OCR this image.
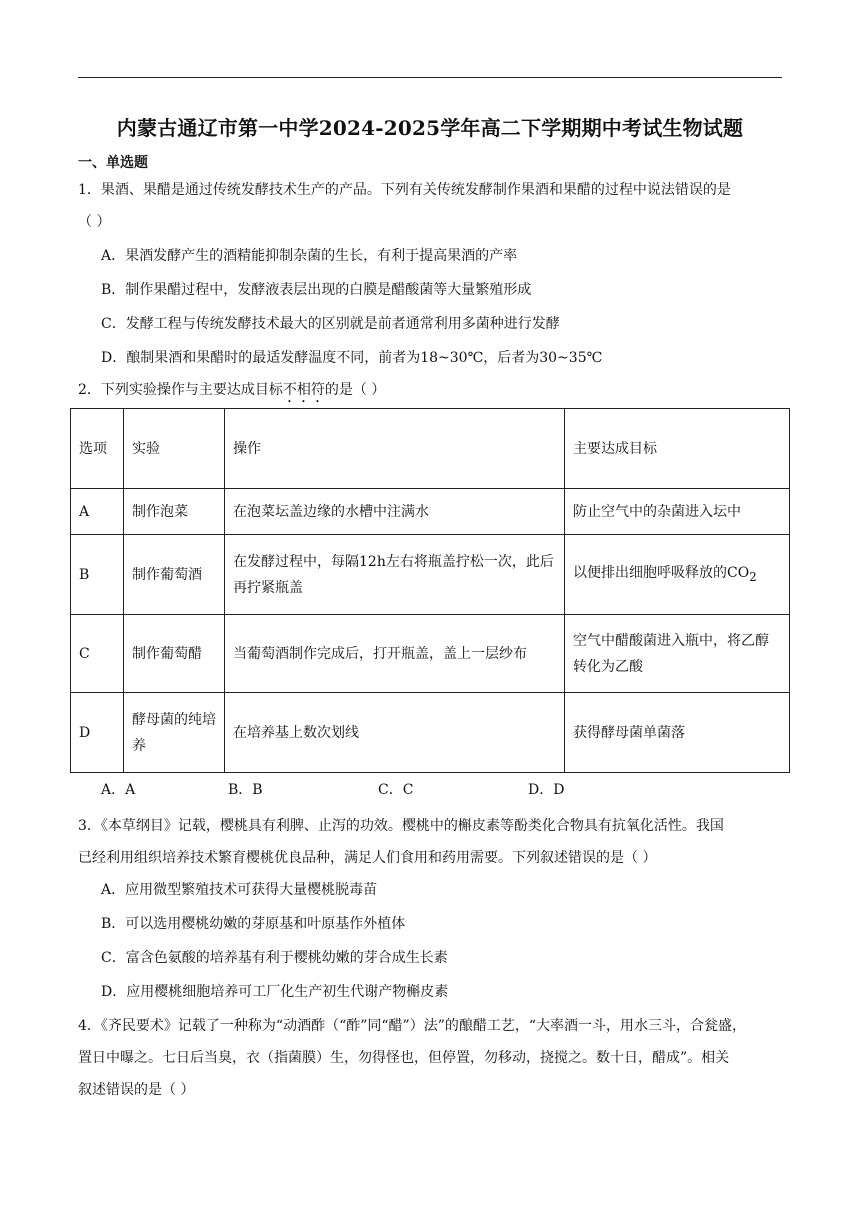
内蒙古通辽市第一中学2024-2025学年高二下学期期中考试生物试题
一、单选题
1．果酒、果醋是通过传统发酵技术生产的产品。下列有关传统发酵制作果酒和果醋的过程中说法错误的是
（ ）
A．果酒发酵产生的酒精能抑制杂菌的生长，有利于提高果酒的产率
B．制作果醋过程中，发酵液表层出现的白膜是醋酸菌等大量繁殖形成
C．发酵工程与传统发酵技术最大的区别就是前者通常利用多菌种进行发酵
D．酿制果酒和果醋时的最适发酵温度不同，前者为18~30℃，后者为30~35℃
2．下列实验操作与主要达成目标不相符的是（ ）
选项	实验	操作	主要达成目标
A	制作泡菜	在泡菜坛盖边缘的水槽中注满水	防止空气中的杂菌进入坛中
B	制作葡萄酒	在发酵过程中，每隔12h左右将瓶盖拧松一次，此后再拧紧瓶盖	以便排出细胞呼吸释放的$CO_2$
C	制作葡萄醋	当葡萄酒制作完成后，打开瓶盖，盖上一层纱布	空气中醋酸菌进入瓶中，将乙醇转化为乙酸
D	酵母菌的纯培养	在培养基上数次划线	获得酵母菌单菌落
A．A	B．B	C．C	D．D
3．《本草纲目》记载，樱桃具有利脾、止泻的功效。樱桃中的槲皮素等酚类化合物具有抗氧化活性。我国
已经利用组织培养技术繁育樱桃优良品种，满足人们食用和药用需要。下列叙述错误的是（ ）
A．应用微型繁殖技术可获得大量樱桃脱毒苗
B．可以选用樱桃幼嫩的芽原基和叶原基作外植体
C．富含色氨酸的培养基有利于樱桃幼嫩的芽合成生长素
D．应用樱桃细胞培养可工厂化生产初生代谢产物槲皮素
4．《齐民要术》记载了一种称为“动酒酢（“酢”同“醋”）法”的酿醋工艺，“大率酒一斗，用水三斗，合瓮盛，
置日中曝之。七日后当臭，衣（指菌膜）生，勿得怪也，但停置，勿移动，挠搅之。数十日，醋成”。相关
叙述错误的是（ ）
